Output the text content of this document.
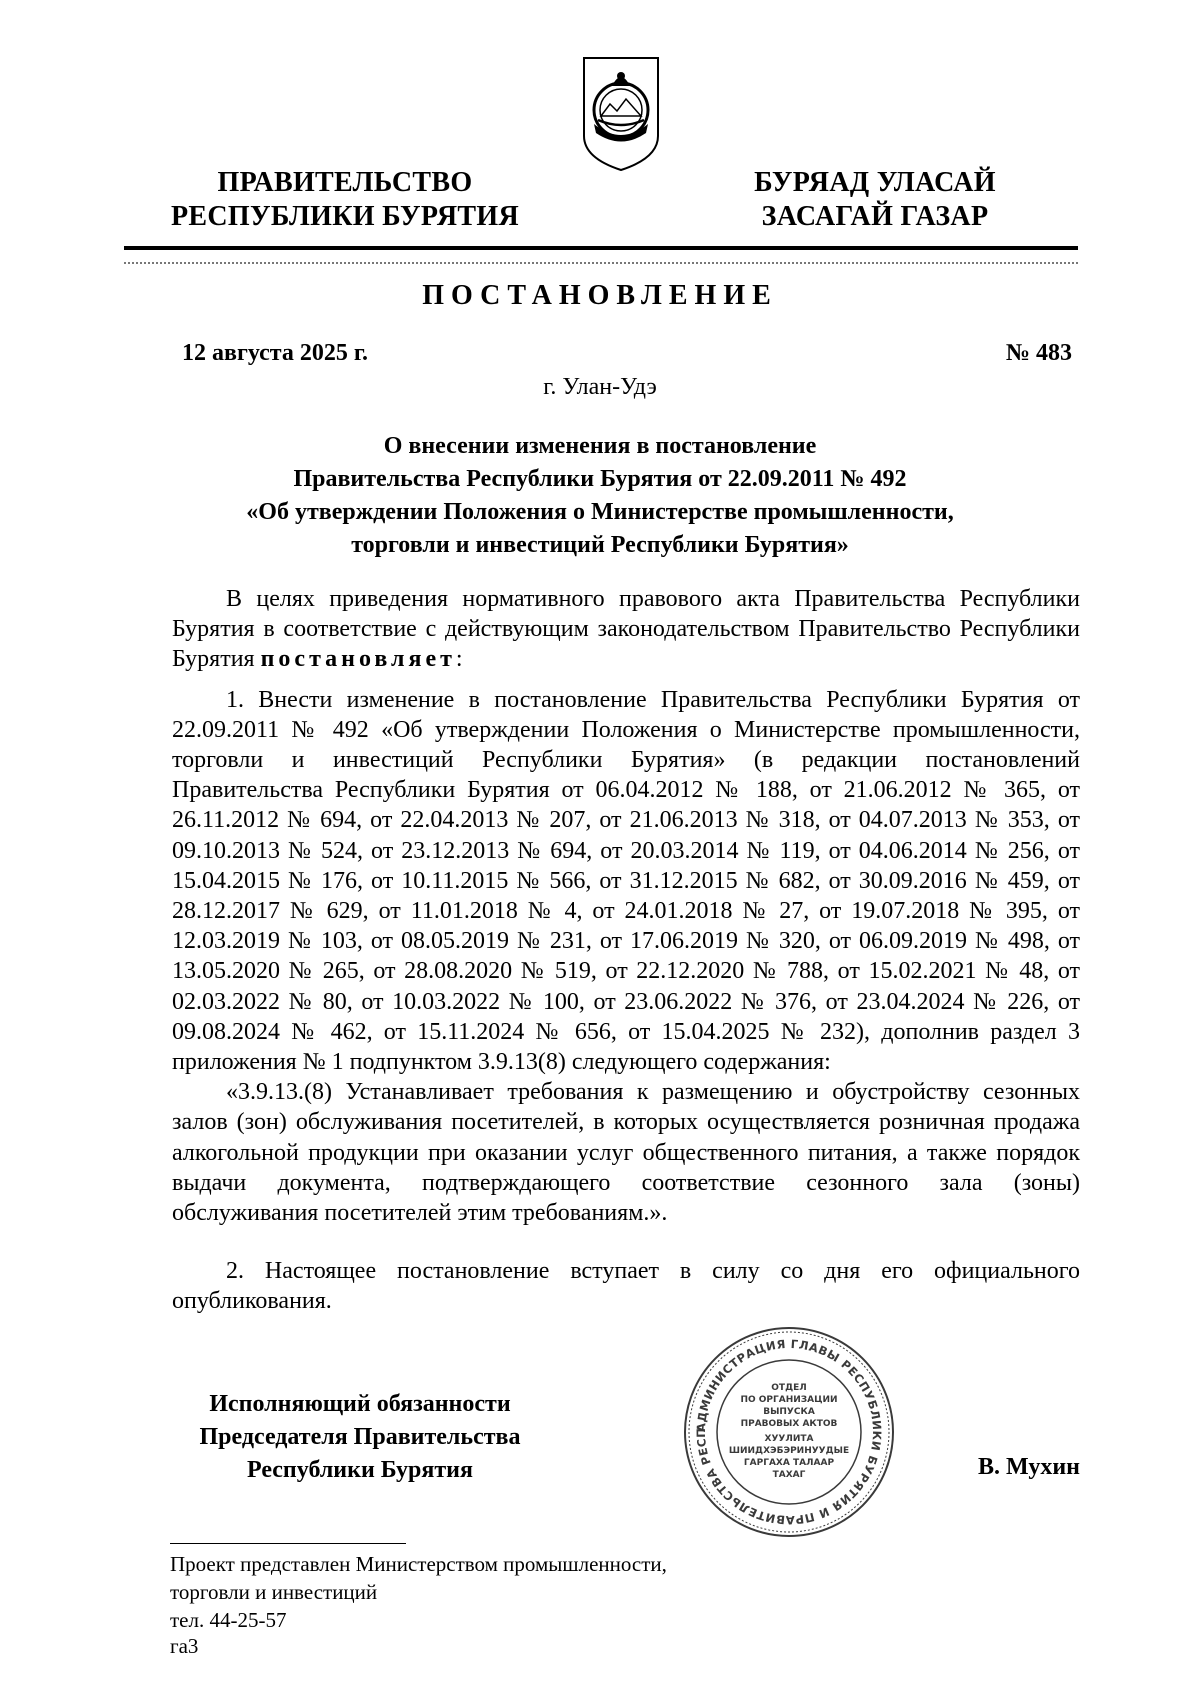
ПРАВИТЕЛЬСТВО
РЕСПУБЛИКИ БУРЯТИЯ
БУРЯАД УЛАСАЙ
ЗАСАГАЙ ГАЗАР
ПОСТАНОВЛЕНИЕ
12 августа 2025 г.	№ 483
г. Улан-Удэ
О внесении изменения в постановление
Правительства Республики Бурятия от 22.09.2011 № 492
«Об утверждении Положения о Министерстве промышленности,
торговли и инвестиций Республики Бурятия»

В целях приведения нормативного правового акта Правительства Республики Бурятия в соответствие с действующим законодательством Правительство Республики Бурятия постановляет:

1. Внести изменение в постановление Правительства Республики Бурятия от 22.09.2011 № 492 «Об утверждении Положения о Министерстве промышленности, торговли и инвестиций Республики Бурятия» (в редакции постановлений Правительства Республики Бурятия от 06.04.2012 № 188, от 21.06.2012 № 365, от 26.11.2012 № 694, от 22.04.2013 № 207, от 21.06.2013 № 318, от 04.07.2013 № 353, от 09.10.2013 № 524, от 23.12.2013 № 694, от 20.03.2014 № 119, от 04.06.2014 № 256, от 15.04.2015 № 176, от 10.11.2015 № 566, от 31.12.2015 № 682, от 30.09.2016 № 459, от 28.12.2017 № 629, от 11.01.2018 № 4, от 24.01.2018 № 27, от 19.07.2018 № 395, от 12.03.2019 № 103, от 08.05.2019 № 231, от 17.06.2019 № 320, от 06.09.2019 № 498, от 13.05.2020 № 265, от 28.08.2020 № 519, от 22.12.2020 № 788, от 15.02.2021 № 48, от 02.03.2022 № 80, от 10.03.2022 № 100, от 23.06.2022 № 376, от 23.04.2024 № 226, от 09.08.2024 № 462, от 15.11.2024 № 656, от 15.04.2025 № 232), дополнив раздел 3 приложения № 1 подпунктом 3.9.13(8) следующего содержания:

«3.9.13.(8) Устанавливает требования к размещению и обустройству сезонных залов (зон) обслуживания посетителей, в которых осуществляется розничная продажа алкогольной продукции при оказании услуг общественного питания, а также порядок выдачи документа, подтверждающего соответствие сезонного зала (зоны) обслуживания посетителей этим требованиям.».

2. Настоящее постановление вступает в силу со дня его официального опубликования.

Исполняющий обязанности
Председателя Правительства
Республики Бурятия	В. Мухин
АДМИНИСТРАЦИЯ ГЛАВЫ РЕСПУБЛИКИ БУРЯТИЯ И ПРАВИТЕЛЬСТВА РЕСП
ОТДЕЛ
ПО ОРГАНИЗАЦИИ
ВЫПУСКА
ПРАВОВЫХ АКТОВ
ХУУЛИТА
ШИИДХЭБЭРИНУУДЫЕ
ГАРГАХА ТАЛААР
ТАХАГ
Проект представлен Министерством промышленности,
торговли и инвестиций
тел. 44-25-57
га3
